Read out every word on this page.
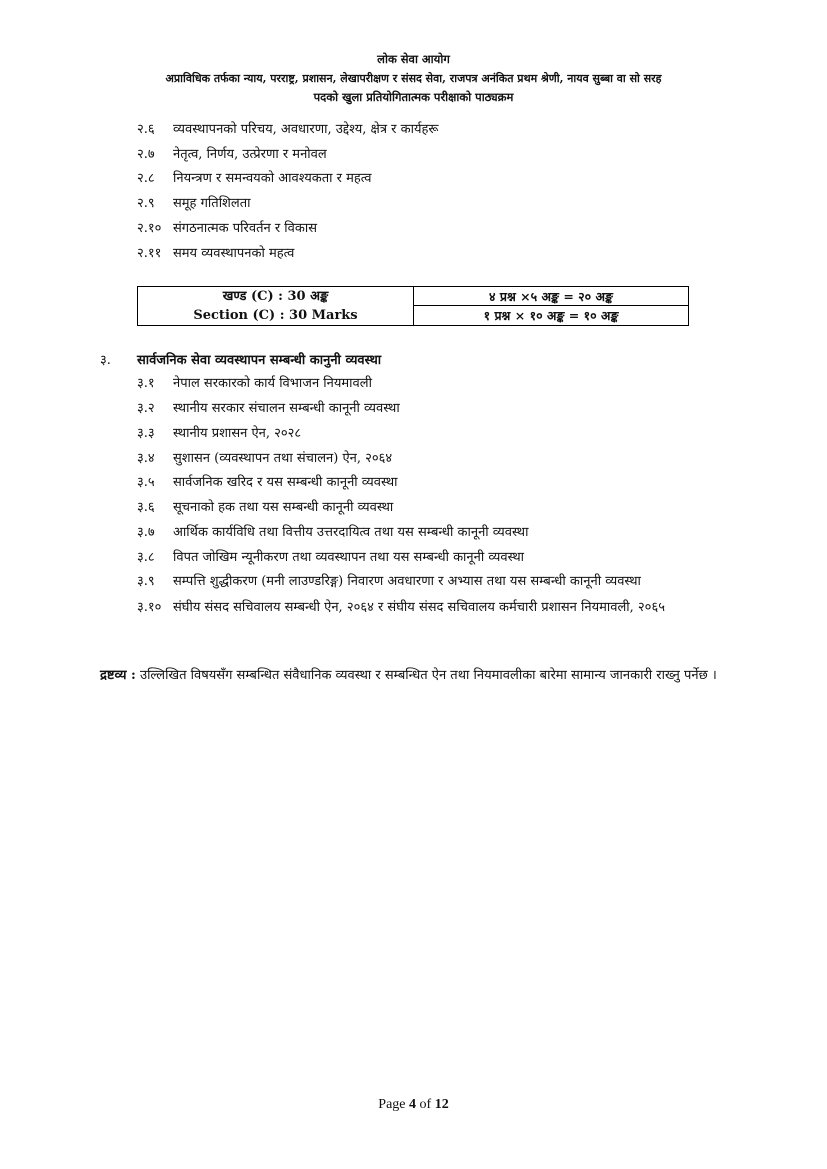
लोक सेवा आयोग
अप्राविधिक तर्फका न्याय, परराष्ट्र, प्रशासन, लेखापरीक्षण र संसद सेवा, राजपत्र अनंकित प्रथम श्रेणी, नायव सुब्बा वा सो सरह
पदको खुला प्रतियोगितात्मक परीक्षाको पाठ्यक्रम
२.६ व्यवस्थापनको परिचय, अवधारणा, उद्देश्य, क्षेत्र र कार्यहरू
२.७ नेतृत्व, निर्णय, उत्प्रेरणा र मनोवल
२.८ नियन्त्रण र समन्वयको आवश्यकता र महत्व
२.९ समूह गतिशिलता
२.१० संगठनात्मक परिवर्तन र विकास
२.११ समय व्यवस्थापनको महत्व
खण्ड (C) : 30 अङ्क
Section (C) : 30 Marks
४ प्रश्न ×५ अङ्क = २० अङ्क
१ प्रश्न × १० अङ्क = १० अङ्क
३. सार्वजनिक सेवा व्यवस्थापन सम्बन्धी कानुनी व्यवस्था
३.१ नेपाल सरकारको कार्य विभाजन नियमावली
३.२ स्थानीय सरकार संचालन सम्बन्धी कानूनी व्यवस्था
३.३ स्थानीय प्रशासन ऐन, २०२८
३.४ सुशासन (व्यवस्थापन तथा संचालन) ऐन, २०६४
३.५ सार्वजनिक खरिद र यस सम्बन्धी कानूनी व्यवस्था
३.६ सूचनाको हक तथा यस सम्बन्धी कानूनी व्यवस्था
३.७ आर्थिक कार्यविधि तथा वित्तीय उत्तरदायित्व तथा यस सम्बन्धी कानूनी व्यवस्था
३.८ विपत जोखिम न्यूनीकरण तथा व्यवस्थापन तथा यस सम्बन्धी कानूनी व्यवस्था
३.९ सम्पत्ति शुद्धीकरण (मनी लाउण्डरिङ्ग) निवारण अवधारणा र अभ्यास तथा यस सम्बन्धी कानूनी व्यवस्था
३.१० संघीय संसद सचिवालय सम्बन्धी ऐन, २०६४ र संघीय संसद सचिवालय कर्मचारी प्रशासन नियमावली, २०६५
द्रष्टव्य : उल्लिखित विषयसँग सम्बन्धित संवैधानिक व्यवस्था र सम्बन्धित ऐन तथा नियमावलीका बारेमा सामान्य जानकारी राख्नु पर्नेछ ।
Page 4 of 12
